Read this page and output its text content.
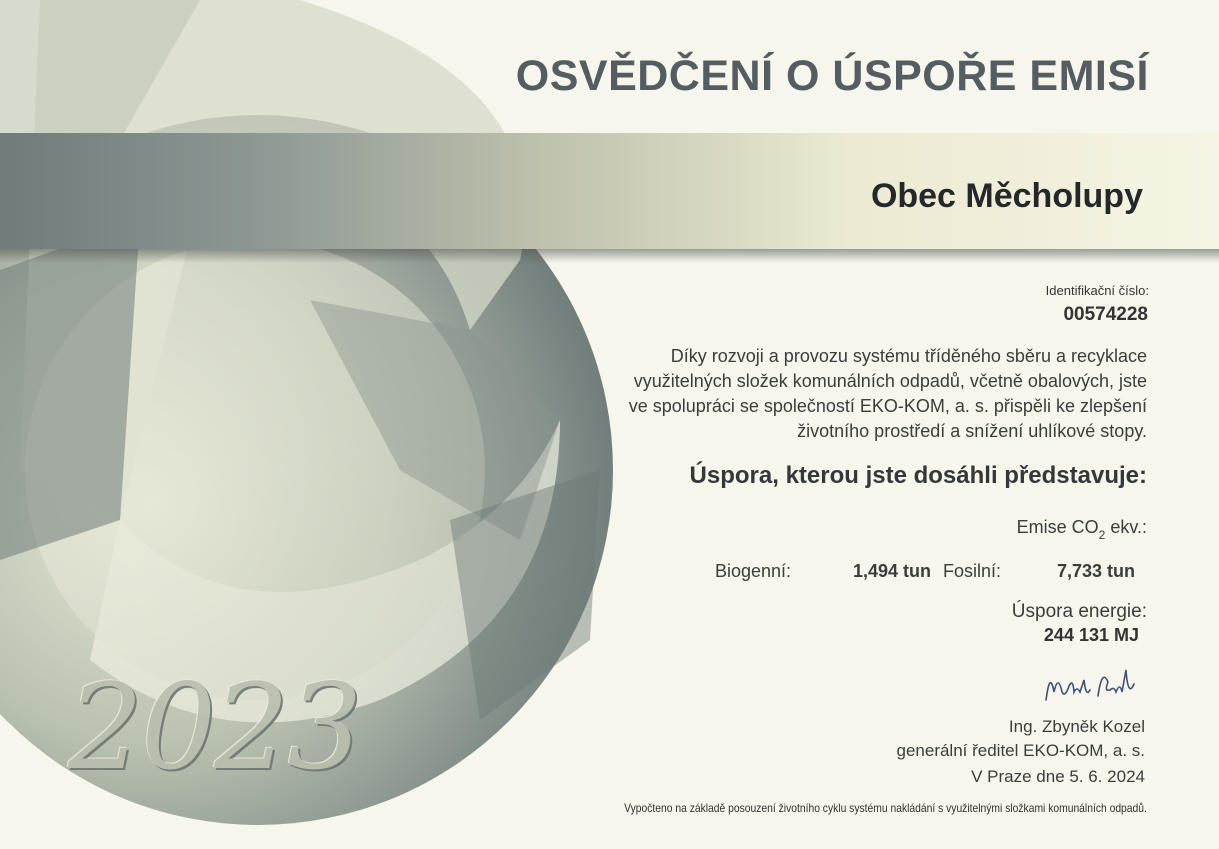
OSVĚDČENÍ O ÚSPOŘE EMISÍ
Obec Měcholupy
Identifikační číslo:
00574228

Díky rozvoji a provozu systému tříděného sběru a recyklace využitelných složek komunálních odpadů, včetně obalových, jste ve spolupráci se společností EKO-KOM, a. s. přispěli ke zlepšení životního prostředí a snížení uhlíkové stopy.

Úspora, kterou jste dosáhli představuje:
Emise $CO_2$ ekv.:
Biogenní:	1,494 tun Fosilní:	7,733 tun
Úspora energie:
244 131 MJ
Ing. Zbyněk Kozel
generální ředitel EKO-KOM, a. s.
V Praze dne 5. 6. 2024
Vypočteno na základě posouzení životního cyklu systému nakládání s využitelnými složkami komunálních odpadů.
2023
